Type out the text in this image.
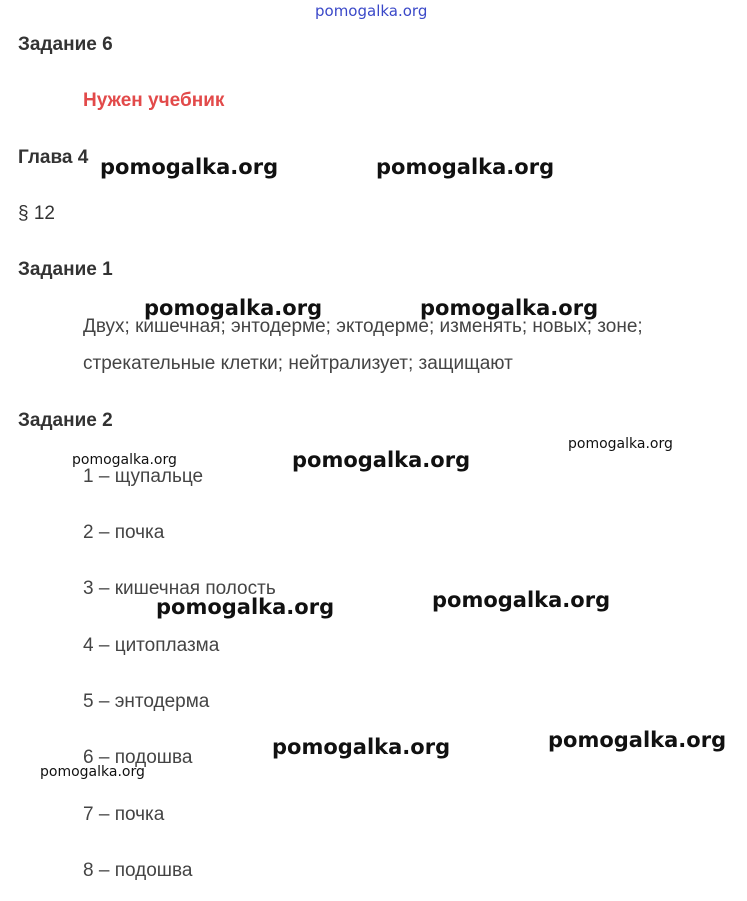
pomogalka.org
Задание 6
Нужен учебник
Глава 4
§ 12
Задание 1
Двух; кишечная; энтодерме; эктодерме; изменять; новых; зоне;
стрекательные клетки; нейтрализует; защищают
Задание 2
1 – щупальце
2 – почка
3 – кишечная полость
4 – цитоплазма
5 – энтодерма
6 – подошва
7 – почка
8 – подошва
pomogalka.org	pomogalka.org
pomogalka.org	pomogalka.org
pomogalka.org
pomogalka.org	pomogalka.org
pomogalka.org	pomogalka.org
pomogalka.org	pomogalka.org
pomogalka.org
